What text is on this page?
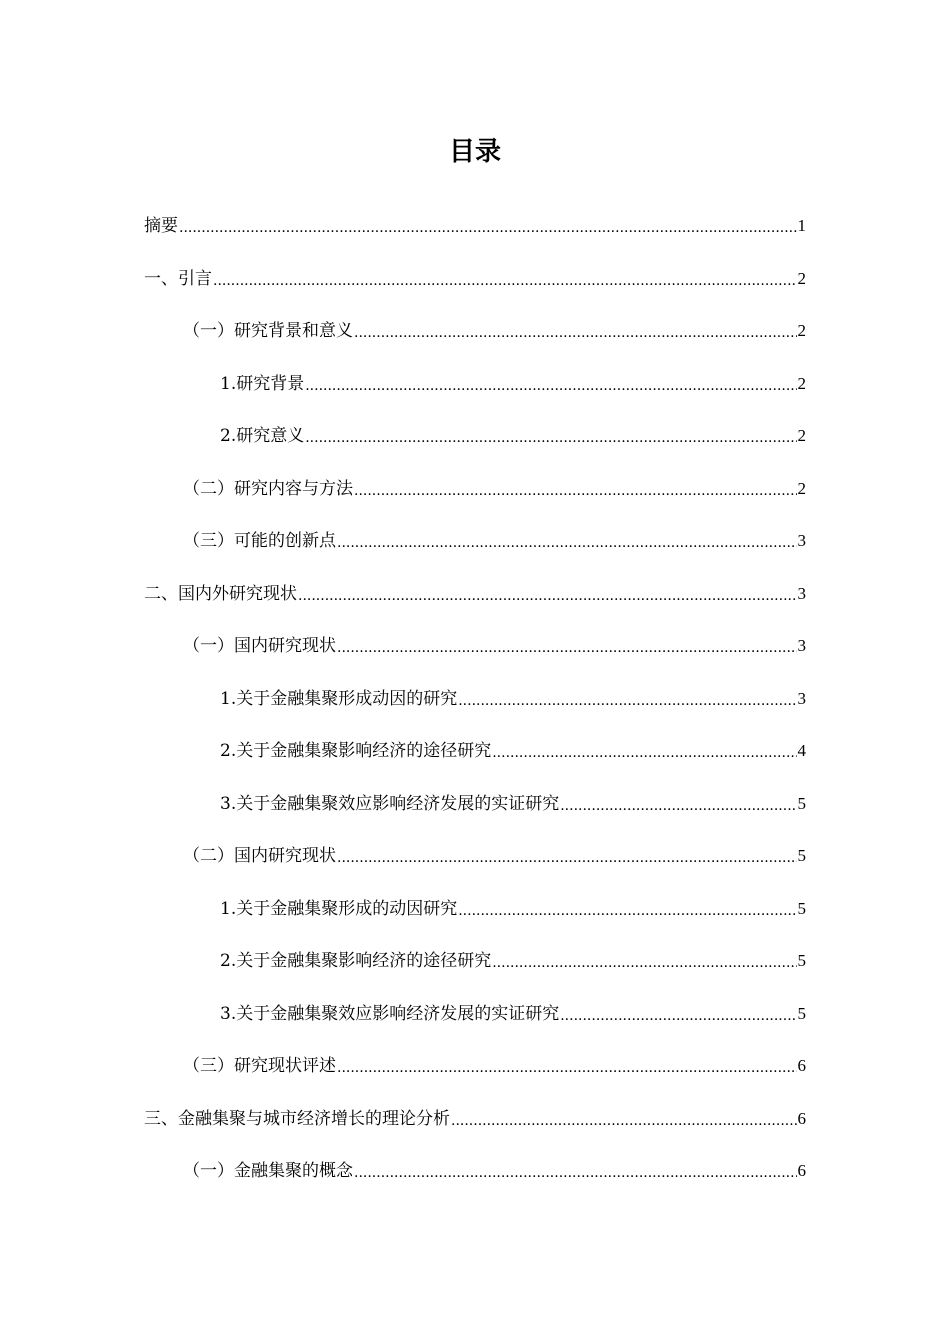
目录
摘要 .....	1
一、引言 .....	2
（一）研究背景和意义 .....	2
1.研究背景 .....	2
2.研究意义 .....	2
（二）研究内容与方法 .....	2
（三）可能的创新点 .....	3
二、国内外研究现状 .....	3
（一）国内研究现状 .....	3
1.关于金融集聚形成动因的研究 .....	3
2.关于金融集聚影响经济的途径研究 .....	4
3.关于金融集聚效应影响经济发展的实证研究 .....	5
（二）国内研究现状 .....	5
1.关于金融集聚形成的动因研究 .....	5
2.关于金融集聚影响经济的途径研究 .....	5
3.关于金融集聚效应影响经济发展的实证研究 .....	5
（三）研究现状评述 .....	6
三、金融集聚与城市经济增长的理论分析 .....	6
（一）金融集聚的概念 .....	6
